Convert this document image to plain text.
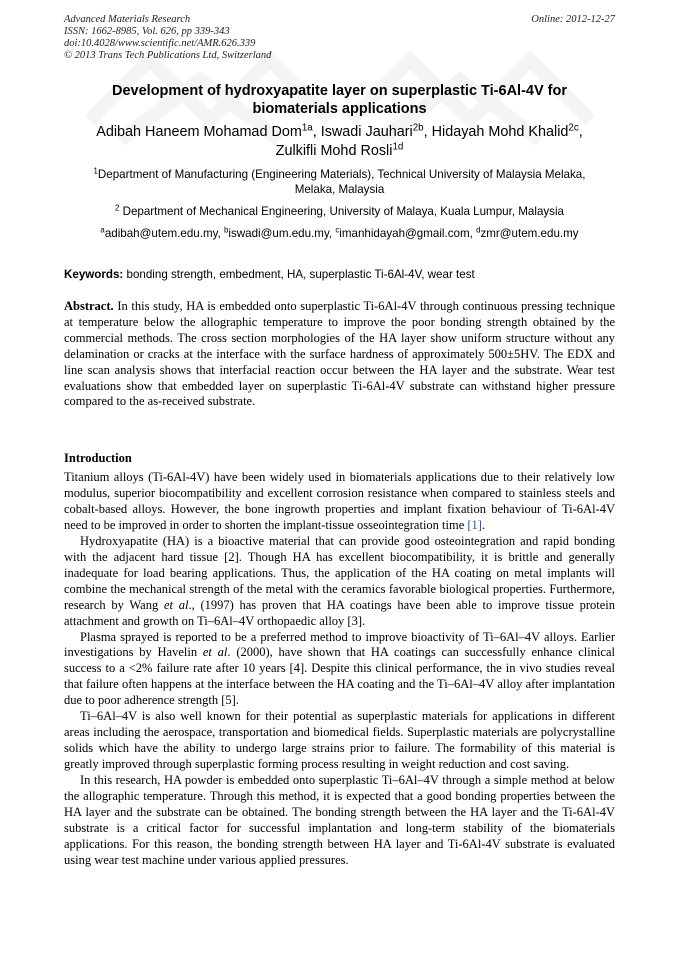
Advanced Materials Research
ISSN: 1662-8985, Vol. 626, pp 339-343
doi:10.4028/www.scientific.net/AMR.626.339
© 2013 Trans Tech Publications Ltd, Switzerland
Online: 2012-12-27
Development of hydroxyapatite layer on superplastic Ti-6Al-4V for
biomaterials applications
Adibah Haneem Mohamad Dom$^{1a}$, Iswadi Jauhari$^{2b}$, Hidayah Mohd Khalid$^{2c}$,
Zulkifli Mohd Rosli$^{1d}$
$^1$Department of Manufacturing (Engineering Materials), Technical University of Malaysia Melaka,
Melaka, Malaysia
$^2$ Department of Mechanical Engineering, University of Malaya, Kuala Lumpur, Malaysia
$^a$adibah@utem.edu.my, $^b$iswadi@um.edu.my, $^c$imanhidayah@gmail.com, $^d$zmr@utem.edu.my
Keywords: bonding strength, embedment, HA, superplastic Ti-6Al-4V, wear test
Abstract. In this study, HA is embedded onto superplastic Ti-6Al-4V through continuous pressing technique at temperature below the allographic temperature to improve the poor bonding strength obtained by the commercial methods. The cross section morphologies of the HA layer show uniform structure without any delamination or cracks at the interface with the surface hardness of approximately 500±5HV. The EDX and line scan analysis shows that interfacial reaction occur between the HA layer and the substrate. Wear test evaluations show that embedded layer on superplastic Ti-6Al-4V substrate can withstand higher pressure compared to the as-received substrate.
Introduction

Titanium alloys (Ti-6Al-4V) have been widely used in biomaterials applications due to their relatively low modulus, superior biocompatibility and excellent corrosion resistance when compared to stainless steels and cobalt-based alloys. However, the bone ingrowth properties and implant fixation behaviour of Ti-6Al-4V need to be improved in order to shorten the implant-tissue osseointegration time [1].

Hydroxyapatite (HA) is a bioactive material that can provide good osteointegration and rapid bonding with the adjacent hard tissue [2]. Though HA has excellent biocompatibility, it is brittle and generally inadequate for load bearing applications. Thus, the application of the HA coating on metal implants will combine the mechanical strength of the metal with the ceramics favorable biological properties. Furthermore, research by Wang et al., (1997) has proven that HA coatings have been able to improve tissue protein attachment and growth on Ti–6Al–4V orthopaedic alloy [3].

Plasma sprayed is reported to be a preferred method to improve bioactivity of Ti–6Al–4V alloys. Earlier investigations by Havelin et al. (2000), have shown that HA coatings can successfully enhance clinical success to a <2% failure rate after 10 years [4]. Despite this clinical performance, the in vivo studies reveal that failure often happens at the interface between the HA coating and the Ti–6Al–4V alloy after implantation due to poor adherence strength [5].

Ti–6Al–4V is also well known for their potential as superplastic materials for applications in different areas including the aerospace, transportation and biomedical fields. Superplastic materials are polycrystalline solids which have the ability to undergo large strains prior to failure. The formability of this material is greatly improved through superplastic forming process resulting in weight reduction and cost saving.

In this research, HA powder is embedded onto superplastic Ti–6Al–4V through a simple method at below the allographic temperature. Through this method, it is expected that a good bonding properties between the HA layer and the substrate can be obtained. The bonding strength between the HA layer and the Ti-6Al-4V substrate is a critical factor for successful implantation and long-term stability of the biomaterials applications. For this reason, the bonding strength between HA layer and Ti-6Al-4V substrate is evaluated using wear test machine under various applied pressures.
